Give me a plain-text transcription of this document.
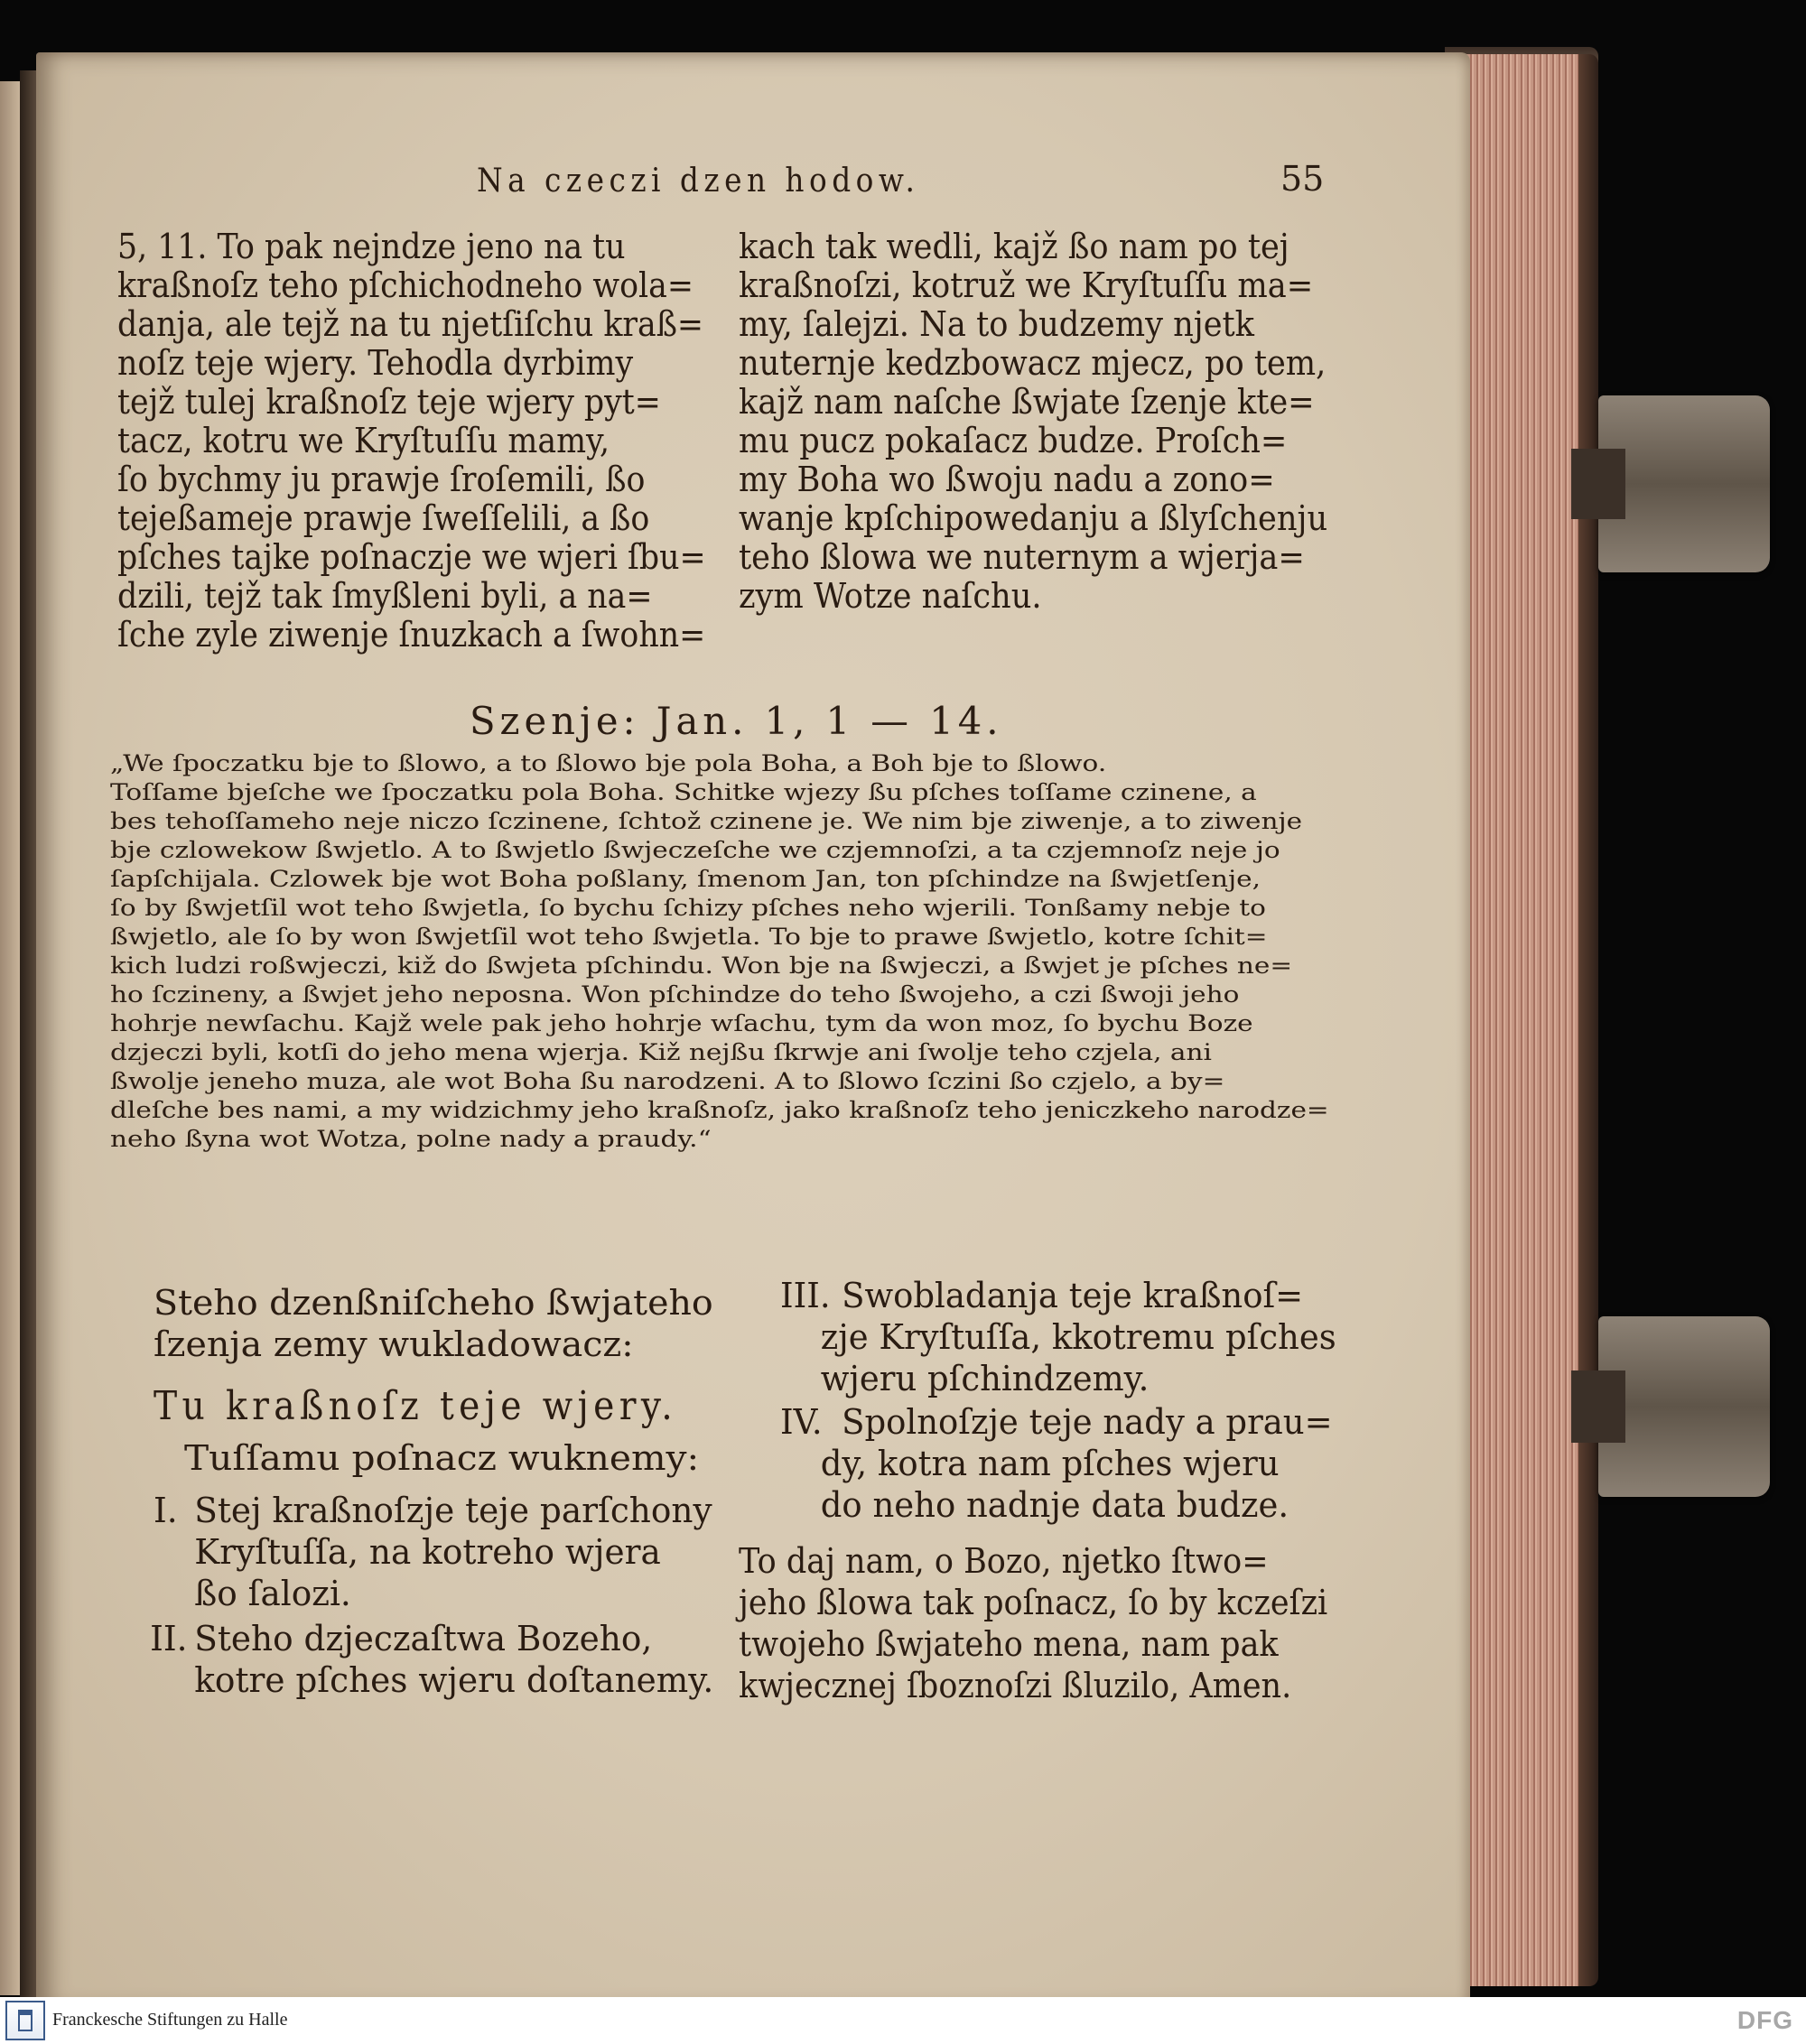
Na czeczi dzen hodow.	55

5, 11. To pak nejndze jeno na tu
kraßnoſz teho pſchichodneho wola=
danja, ale tejž na tu njetſiſchu kraß=
noſz teje wjery. Tehodla dyrbimy
tejž tulej kraßnoſz teje wjery pyt=
tacz, kotru we Kryſtuſſu mamy,
ſo bychmy ju prawje ſroſemili, ßo
tejeßameje prawje ſweſſelili, a ßo
pſches tajke poſnaczje we wjeri ſbu=
dzili, tejž tak ſmyßleni byli, a na=
ſche zyle ziwenje ſnuzkach a ſwohn=
kach tak wedli, kajž ßo nam po tej
kraßnoſzi, kotruž we Kryſtuſſu ma=
my, ſalejzi. Na to budzemy njetk
nuternje kedzbowacz mjecz, po tem,
kajž nam naſche ßwjate ſzenje kte=
mu pucz pokaſacz budze. Proſch=
my Boha wo ßwoju nadu a zono=
wanje kpſchipowedanju a ßlyſchenju
teho ßlowa we nuternym a wjerja=
zym Wotze naſchu.

Szenje: Jan. 1, 1 — 14.

„We ſpoczatku bje to ßlowo, a to ßlowo bje pola Boha, a Boh bje to ßlowo.
Toſſame bjeſche we ſpoczatku pola Boha. Schitke wjezy ßu pſches toſſame czinene, a
bes tehoſſameho neje niczo ſczinene, ſchtož czinene je. We nim bje ziwenje, a to ziwenje
bje czlowekow ßwjetlo. A to ßwjetlo ßwjeczeſche we czjemnoſzi, a ta czjemnoſz neje jo
ſapſchijala. Czlowek bje wot Boha poßlany, ſmenom Jan, ton pſchindze na ßwjetſenje,
ſo by ßwjetſil wot teho ßwjetla, ſo bychu ſchizy pſches neho wjerili. Tonßamy nebje to
ßwjetlo, ale ſo by won ßwjetſil wot teho ßwjetla. To bje to prawe ßwjetlo, kotre ſchit=
kich ludzi roßwjeczi, kiž do ßwjeta pſchindu. Won bje na ßwjeczi, a ßwjet je pſches ne=
ho ſczineny, a ßwjet jeho neposna. Won pſchindze do teho ßwojeho, a czi ßwoji jeho
hohrje newſachu. Kajž wele pak jeho hohrje wſachu, tym da won moz, ſo bychu Boze
dzjeczi byli, kotſi do jeho mena wjerja. Kiž nejßu ſkrwje ani ſwolje teho czjela, ani
ßwolje jeneho muza, ale wot Boha ßu narodzeni. A to ßlowo ſczini ßo czjelo, a by=
dleſche bes nami, a my widzichmy jeho kraßnoſz, jako kraßnoſz teho jeniczkeho narodze=
neho ßyna wot Wotza, polne nady a praudy.“
Steho dzenßniſcheho ßwjateho
ſzenja zemy wukladowacz:

Tu kraßnoſz teje wjery.

Tuſſamu poſnacz wuknemy:

I. Stej kraßnoſzje teje parſchony
Kryſtuſſa, na kotreho wjera
ßo ſalozi.
II. Steho dzjeczaſtwa Bozeho,
kotre pſches wjeru doſtanemy.
III. Swobladanja teje kraßnoſ=
zje Kryſtuſſa, kkotremu pſches
wjeru pſchindzemy.
IV. Spolnoſzje teje nady a prau=
dy, kotra nam pſches wjeru
do neho nadnje data budze.
To daj nam, o Bozo, njetko ſtwo=
jeho ßlowa tak poſnacz, ſo by kczeſzi
twojeho ßwjateho mena, nam pak
kwjecznej ſboznoſzi ßluzilo, Amen.
Franckesche Stiftungen zu Halle	DFG
